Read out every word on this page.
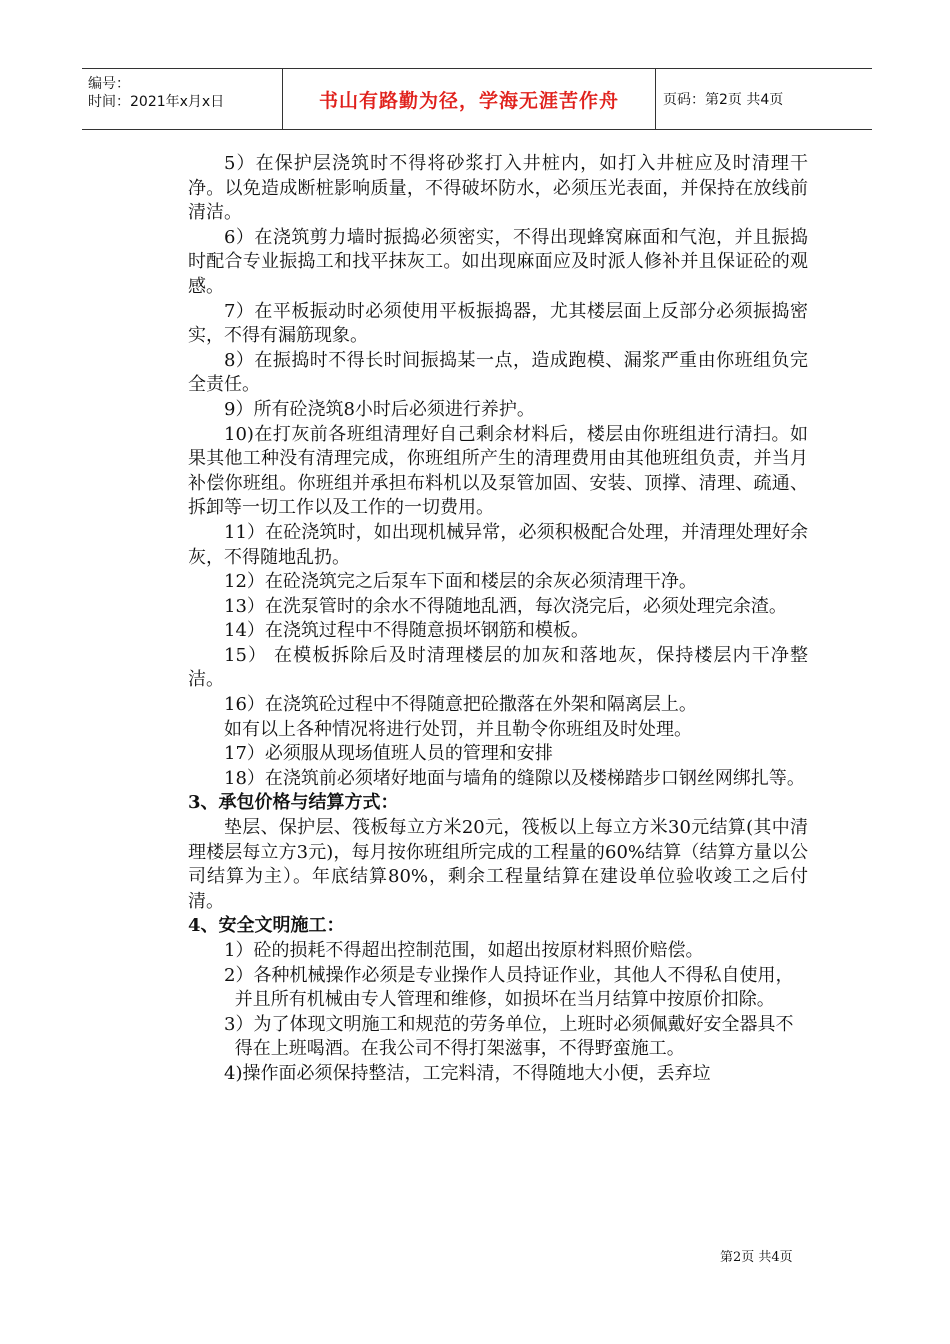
编号：
时间：2021年x月x日	书山有路勤为径，学海无涯苦作舟	页码：第2页 共4页

5）在保护层浇筑时不得将砂浆打入井桩内，如打入井桩应及时清理干净。以免造成断桩影响质量，不得破坏防水，必须压光表面，并保持在放线前清洁。

6）在浇筑剪力墙时振捣必须密实，不得出现蜂窝麻面和气泡，并且振捣时配合专业振捣工和找平抹灰工。如出现麻面应及时派人修补并且保证砼的观感。

7）在平板振动时必须使用平板振捣器，尤其楼层面上反部分必须振捣密实，不得有漏筋现象。

8）在振捣时不得长时间振捣某一点，造成跑模、漏浆严重由你班组负完全责任。

9）所有砼浇筑8小时后必须进行养护。

10)在打灰前各班组清理好自己剩余材料后，楼层由你班组进行清扫。如果其他工种没有清理完成，你班组所产生的清理费用由其他班组负责，并当月补偿你班组。你班组并承担布料机以及泵管加固、安装、顶撑、清理、疏通、拆卸等一切工作以及工作的一切费用。

11）在砼浇筑时，如出现机械异常，必须积极配合处理，并清理处理好余灰，不得随地乱扔。

12）在砼浇筑完之后泵车下面和楼层的余灰必须清理干净。

13）在洗泵管时的余水不得随地乱洒，每次浇完后，必须处理完余渣。

14）在浇筑过程中不得随意损坏钢筋和模板。

15） 在模板拆除后及时清理楼层的加灰和落地灰，保持楼层内干净整洁。

16）在浇筑砼过程中不得随意把砼撒落在外架和隔离层上。

如有以上各种情况将进行处罚，并且勒令你班组及时处理。

17）必须服从现场值班人员的管理和安排

18）在浇筑前必须堵好地面与墙角的缝隙以及楼梯踏步口钢丝网绑扎等。

3、承包价格与结算方式：

垫层、保护层、筏板每立方米20元，筏板以上每立方米30元结算(其中清理楼层每立方3元)，每月按你班组所完成的工程量的60%结算（结算方量以公司结算为主）。年底结算80%，剩余工程量结算在建设单位验收竣工之后付清。

4、安全文明施工：
1）砼的损耗不得超出控制范围，如超出按原材料照价赔偿。
2）各种机械操作必须是专业操作人员持证作业，其他人不得私自使用，并且所有机械由专人管理和维修，如损坏在当月结算中按原价扣除。
3）为了体现文明施工和规范的劳务单位，上班时必须佩戴好安全器具不得在上班喝酒。在我公司不得打架滋事，不得野蛮施工。
4)操作面必须保持整洁，工完料清，不得随地大小便，丢弃垃
第2页 共4页
